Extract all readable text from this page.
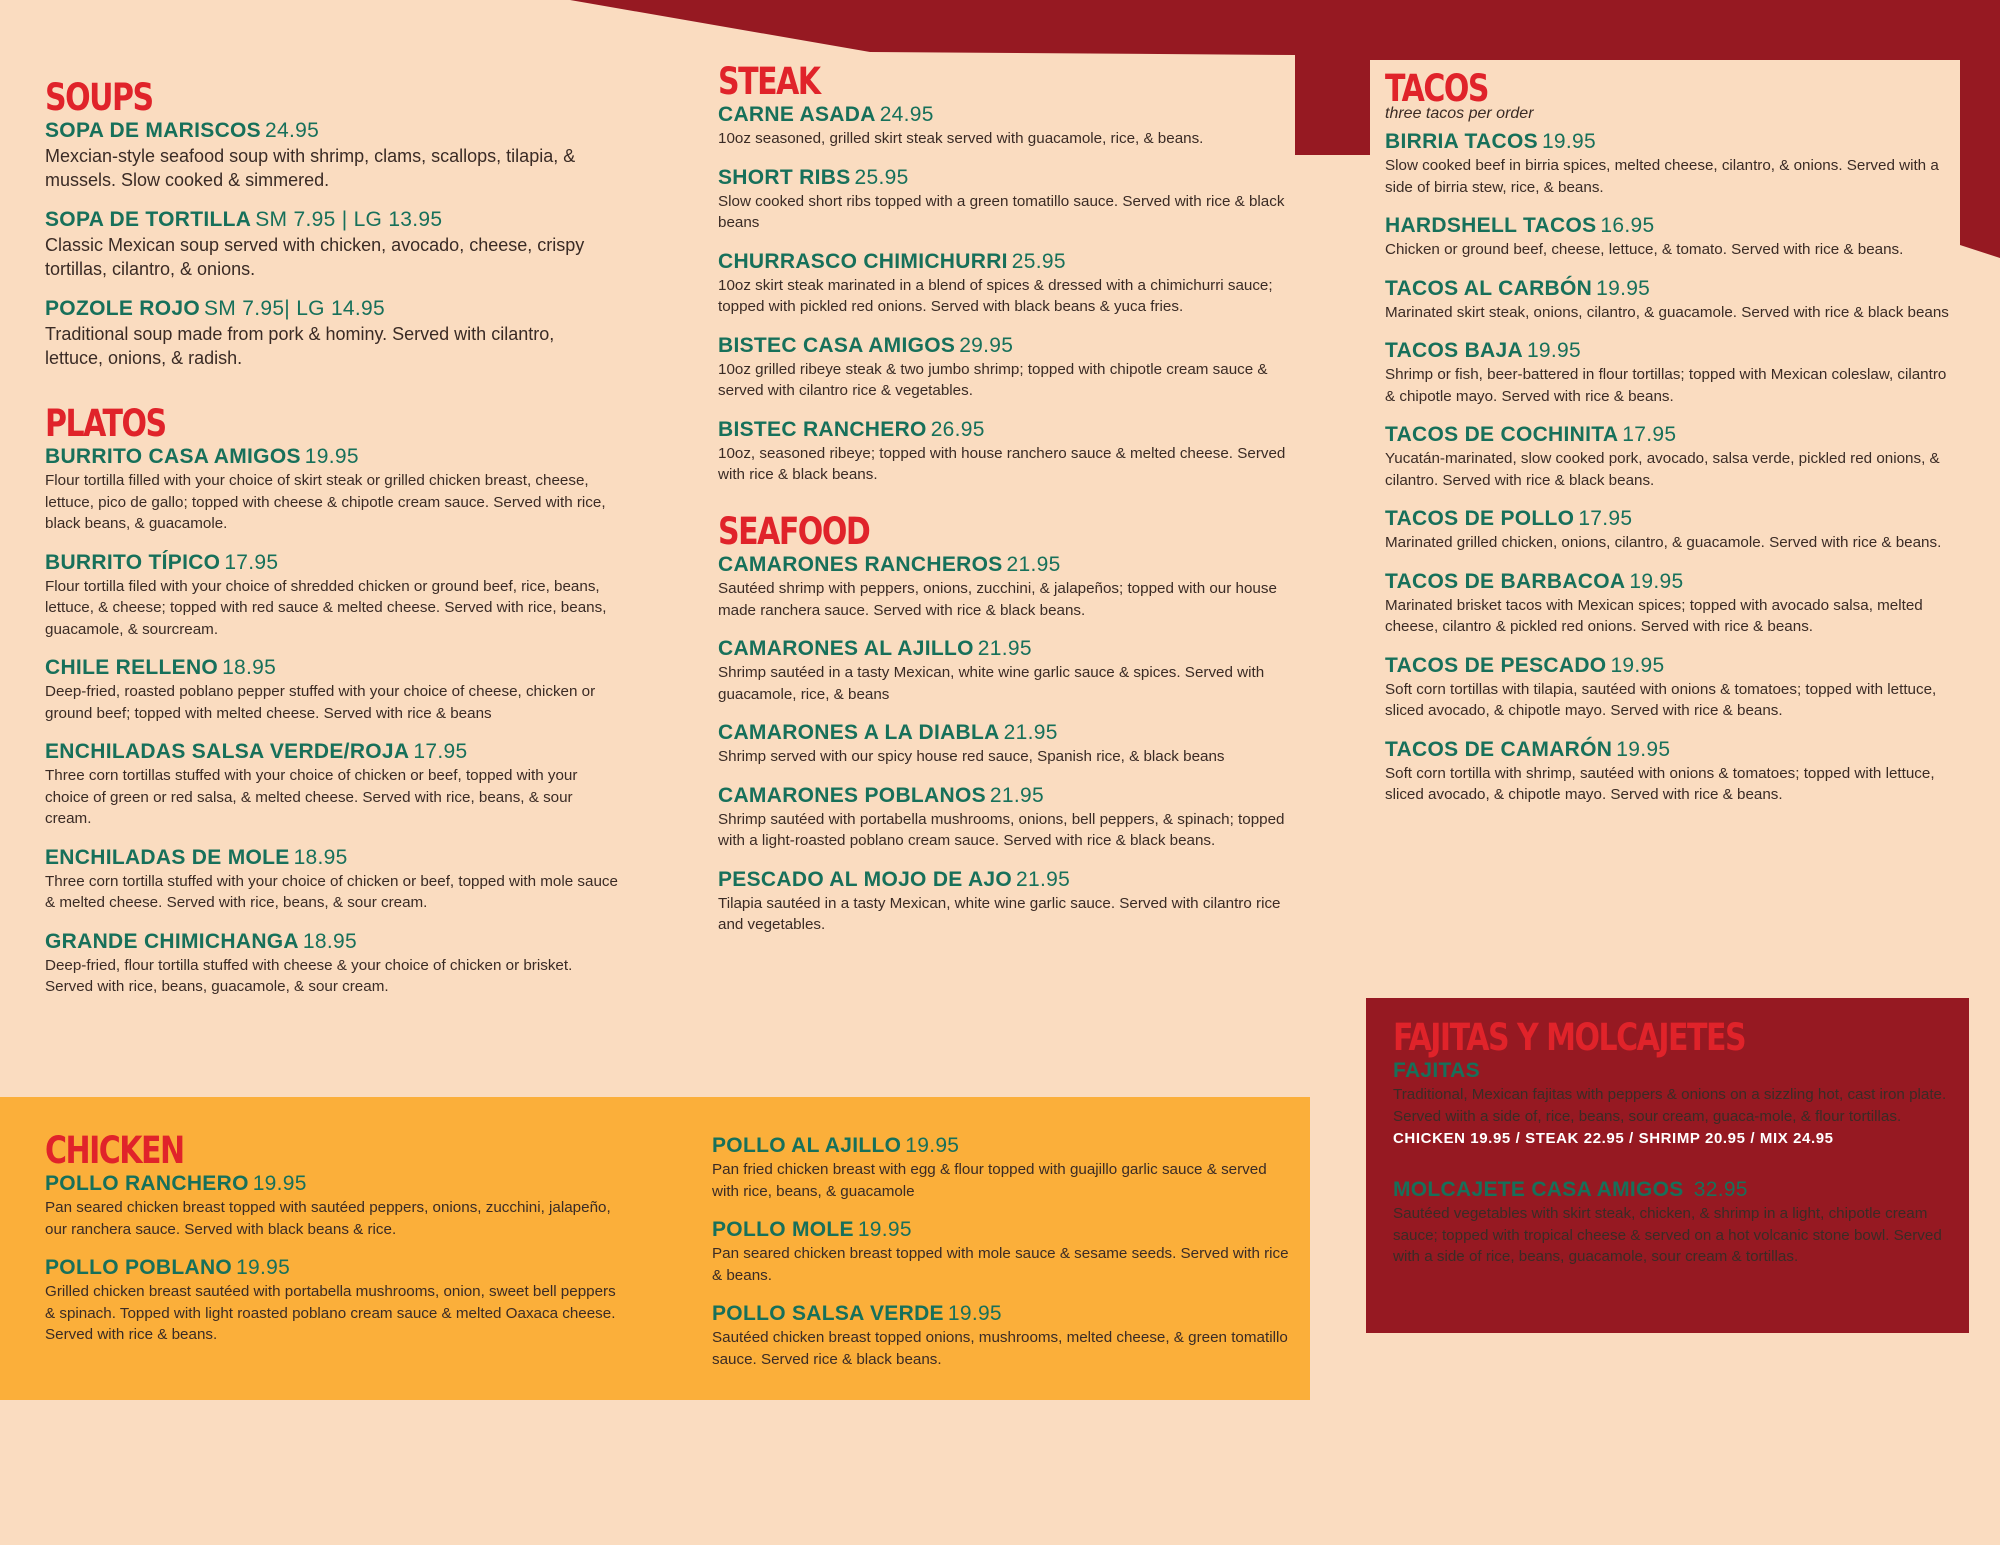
SOUPS
SOPA DE MARISCOS 24.95
Mexcian-style seafood soup with shrimp, clams, scallops, tilapia, & mussels. Slow cooked & simmered.
SOPA DE TORTILLA SM 7.95 | LG 13.95
Classic Mexican soup served with chicken, avocado, cheese, crispy tortillas, cilantro, & onions.
POZOLE ROJO SM 7.95| LG 14.95
Traditional soup made from pork & hominy. Served with cilantro, lettuce, onions, & radish.
PLATOS
BURRITO CASA AMIGOS 19.95
Flour tortilla filled with your choice of skirt steak or grilled chicken breast, cheese, lettuce, pico de gallo; topped with cheese & chipotle cream sauce. Served with rice, black beans, & guacamole.
BURRITO TÍPICO 17.95
Flour tortilla filed with your choice of shredded chicken or ground beef, rice, beans, lettuce, & cheese; topped with red sauce & melted cheese. Served with rice, beans, guacamole, & sourcream.
CHILE RELLENO 18.95
Deep-fried, roasted poblano pepper stuffed with your choice of cheese, chicken or ground beef; topped with melted cheese. Served with rice & beans
ENCHILADAS SALSA VERDE/ROJA 17.95
Three corn tortillas stuffed with your choice of chicken or beef, topped with your choice of green or red salsa, & melted cheese. Served with rice, beans, & sour cream.
ENCHILADAS DE MOLE 18.95
Three corn tortilla stuffed with your choice of chicken or beef, topped with mole sauce & melted cheese. Served with rice, beans, & sour cream.
GRANDE CHIMICHANGA 18.95
Deep-fried, flour tortilla stuffed with cheese & your choice of chicken or brisket. Served with rice, beans, guacamole, & sour cream.
STEAK
CARNE ASADA 24.95
10oz seasoned, grilled skirt steak served with guacamole, rice, & beans.
SHORT RIBS 25.95
Slow cooked short ribs topped with a green tomatillo sauce. Served with rice & black beans
CHURRASCO CHIMICHURRI 25.95
10oz skirt steak marinated in a blend of spices & dressed with a chimichurri sauce; topped with pickled red onions. Served with black beans & yuca fries.
BISTEC CASA AMIGOS 29.95
10oz grilled ribeye steak & two jumbo shrimp; topped with chipotle cream sauce & served with cilantro rice & vegetables.
BISTEC RANCHERO 26.95
10oz, seasoned ribeye; topped with house ranchero sauce & melted cheese. Served with rice & black beans.
SEAFOOD
CAMARONES RANCHEROS 21.95
Sautéed shrimp with peppers, onions, zucchini, & jalapeños; topped with our house made ranchera sauce. Served with rice & black beans.
CAMARONES AL AJILLO 21.95
Shrimp sautéed in a tasty Mexican, white wine garlic sauce & spices. Served with guacamole, rice, & beans
CAMARONES A LA DIABLA 21.95
Shrimp served with our spicy house red sauce, Spanish rice, & black beans
CAMARONES POBLANOS 21.95
Shrimp sautéed with portabella mushrooms, onions, bell peppers, & spinach; topped with a light-roasted poblano cream sauce. Served with rice & black beans.
PESCADO AL MOJO DE AJO 21.95
Tilapia sautéed in a tasty Mexican, white wine garlic sauce. Served with cilantro rice and vegetables.
TACOS
three tacos per order
BIRRIA TACOS 19.95
Slow cooked beef in birria spices, melted cheese, cilantro, & onions. Served with a side of birria stew, rice, & beans.
HARDSHELL TACOS 16.95
Chicken or ground beef, cheese, lettuce, & tomato. Served with rice & beans.
TACOS AL CARBÓN 19.95
Marinated skirt steak, onions, cilantro, & guacamole. Served with rice & black beans
TACOS BAJA 19.95
Shrimp or fish, beer-battered in flour tortillas; topped with Mexican coleslaw, cilantro & chipotle mayo. Served with rice & beans.
TACOS DE COCHINITA 17.95
Yucatán-marinated, slow cooked pork, avocado, salsa verde, pickled red onions, & cilantro. Served with rice & black beans.
TACOS DE POLLO 17.95
Marinated grilled chicken, onions, cilantro, & guacamole. Served with rice & beans.
TACOS DE BARBACOA 19.95
Marinated brisket tacos with Mexican spices; topped with avocado salsa, melted cheese, cilantro & pickled red onions. Served with rice & beans.
TACOS DE PESCADO 19.95
Soft corn tortillas with tilapia, sautéed with onions & tomatoes; topped with lettuce, sliced avocado, & chipotle mayo. Served with rice & beans.
TACOS DE CAMARÓN 19.95
Soft corn tortilla with shrimp, sautéed with onions & tomatoes; topped with lettuce, sliced avocado, & chipotle mayo. Served with rice & beans.
CHICKEN
POLLO RANCHERO 19.95
Pan seared chicken breast topped with sautéed peppers, onions, zucchini, jalapeño, our ranchera sauce. Served with black beans & rice.
POLLO POBLANO 19.95
Grilled chicken breast sautéed with portabella mushrooms, onion, sweet bell peppers & spinach. Topped with light roasted poblano cream sauce & melted Oaxaca cheese. Served with rice & beans.
POLLO AL AJILLO 19.95
Pan fried chicken breast with egg & flour topped with guajillo garlic sauce & served with rice, beans, & guacamole
POLLO MOLE 19.95
Pan seared chicken breast topped with mole sauce & sesame seeds. Served with rice & beans.
POLLO SALSA VERDE 19.95
Sautéed chicken breast topped onions, mushrooms, melted cheese, & green tomatillo sauce. Served rice & black beans.
FAJITAS Y MOLCAJETES
FAJITAS
Traditional, Mexican fajitas with peppers & onions on a sizzling hot, cast iron plate. Served wiith a side of, rice, beans, sour cream, guaca-mole, & flour tortillas.
CHICKEN 19.95 / STEAK 22.95 / SHRIMP 20.95 / MIX 24.95
MOLCAJETE CASA AMIGOS 32.95
Sautéed vegetables with skirt steak, chicken, & shrimp in a light, chipotle cream sauce; topped with tropical cheese & served on a hot volcanic stone bowl. Served with a side of rice, beans, guacamole, sour cream & tortillas.
